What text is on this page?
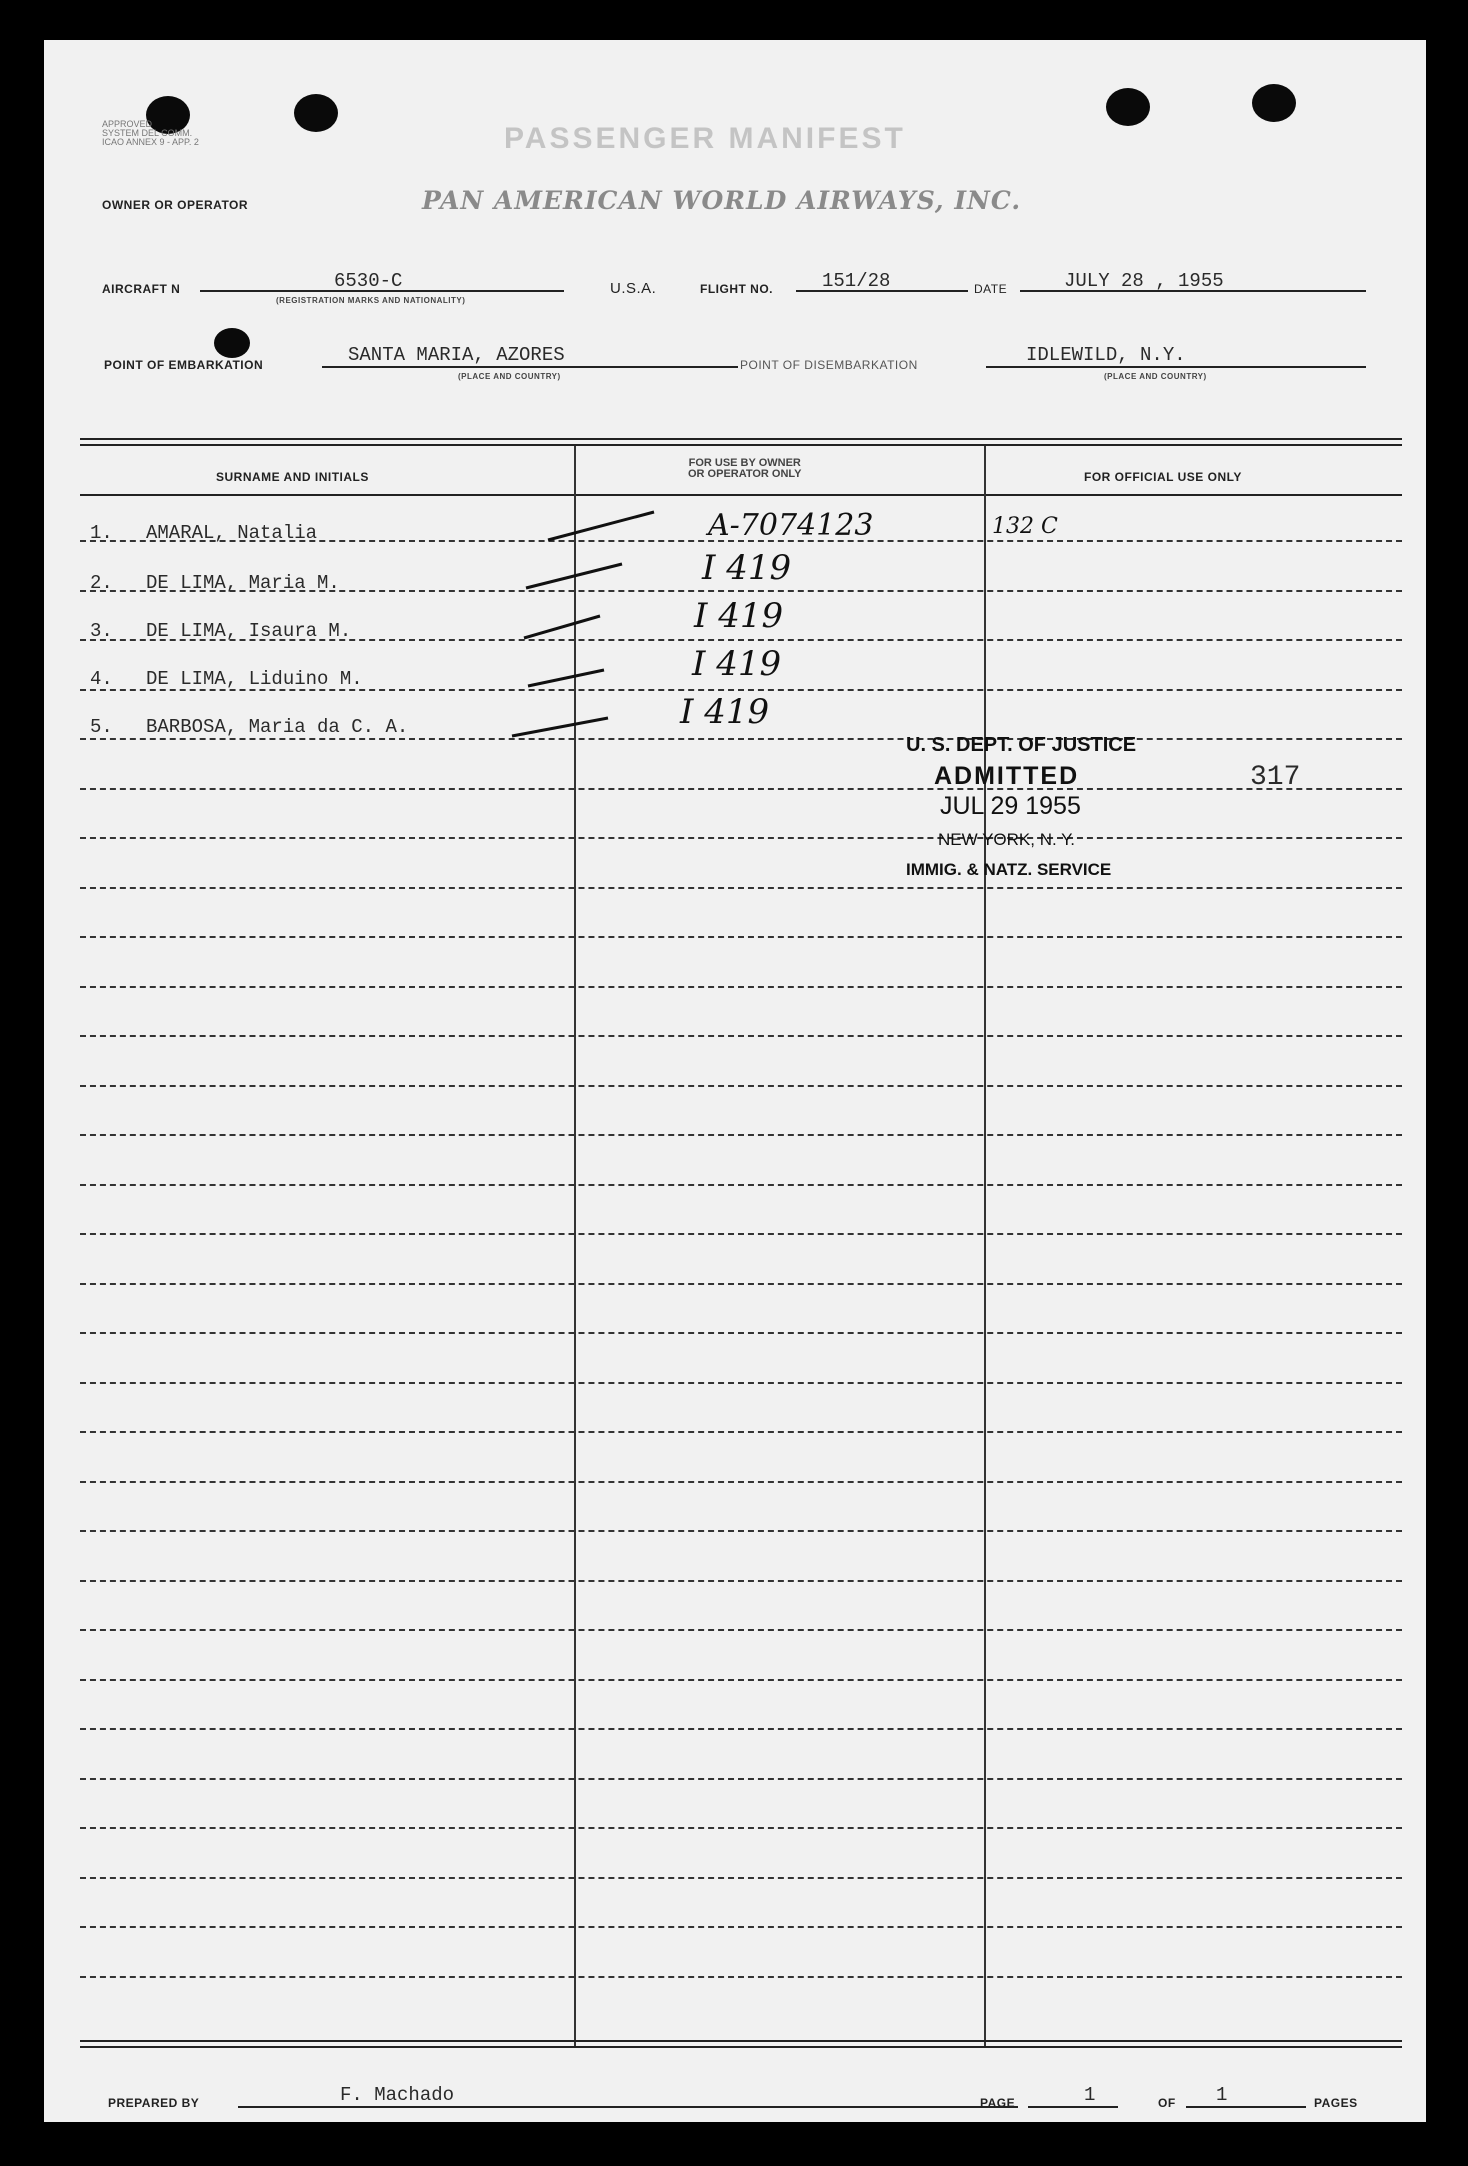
APPROVED
SYSTEM DEL COMM.
ICAO ANNEX 9 - APP. 2	PASSENGER MANIFEST
OWNER OR OPERATOR	PAN AMERICAN WORLD AIRWAYS, INC.
AIRCRAFT N	6530-C
(REGISTRATION MARKS AND NATIONALITY)
U.S.A.	FLIGHT NO.	151/28	DATE	JULY 28 , 1955
POINT OF EMBARKATION	SANTA MARIA, AZORES
(PLACE AND COUNTRY)
POINT OF DISEMBARKATION	IDLEWILD, N.Y.
(PLACE AND COUNTRY)
SURNAME AND INITIALS
FOR USE BY OWNER
OR OPERATOR ONLY	FOR OFFICIAL USE ONLY
1. AMARAL, Natalia	A-7074123	132 C
2. DE LIMA, Maria M.	I 419
3. DE LIMA, Isaura M.	I 419
4. DE LIMA, Liduino M.	I 419
5. BARBOSA, Maria da C. A.	I 419
U. S. DEPT. OF JUSTICE
ADMITTED
JUL 29 1955
NEW YORK, N. Y.
IMMIG. & NATZ. SERVICE
317
PREPARED BY	F. Machado	PAGE	1	OF 1	PAGES
